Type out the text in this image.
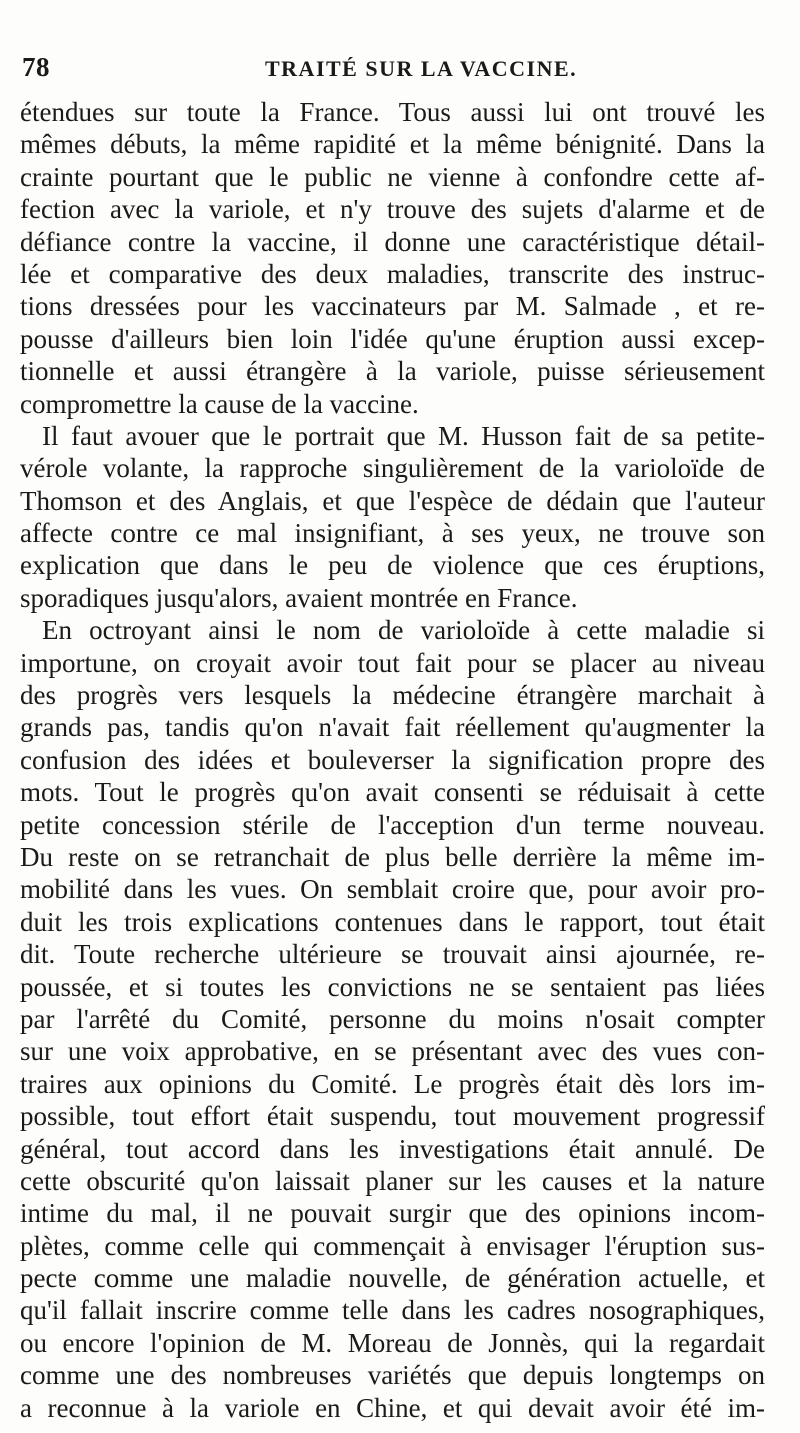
78	TRAITÉ SUR LA VACCINE.
étendues sur toute la France. Tous aussi lui ont trouvé les
mêmes débuts, la même rapidité et la même bénignité. Dans la
crainte pourtant que le public ne vienne à confondre cette af-
fection avec la variole, et n'y trouve des sujets d'alarme et de
défiance contre la vaccine, il donne une caractéristique détail-
lée et comparative des deux maladies, transcrite des instruc-
tions dressées pour les vaccinateurs par M. Salmade , et re-
pousse d'ailleurs bien loin l'idée qu'une éruption aussi excep-
tionnelle et aussi étrangère à la variole, puisse sérieusement
compromettre la cause de la vaccine.
Il faut avouer que le portrait que M. Husson fait de sa petite-
vérole volante, la rapproche singulièrement de la varioloïde de
Thomson et des Anglais, et que l'espèce de dédain que l'auteur
affecte contre ce mal insignifiant, à ses yeux, ne trouve son
explication que dans le peu de violence que ces éruptions,
sporadiques jusqu'alors, avaient montrée en France.
En octroyant ainsi le nom de varioloïde à cette maladie si
importune, on croyait avoir tout fait pour se placer au niveau
des progrès vers lesquels la médecine étrangère marchait à
grands pas, tandis qu'on n'avait fait réellement qu'augmenter la
confusion des idées et bouleverser la signification propre des
mots. Tout le progrès qu'on avait consenti se réduisait à cette
petite concession stérile de l'acception d'un terme nouveau.
Du reste on se retranchait de plus belle derrière la même im-
mobilité dans les vues. On semblait croire que, pour avoir pro-
duit les trois explications contenues dans le rapport, tout était
dit. Toute recherche ultérieure se trouvait ainsi ajournée, re-
poussée, et si toutes les convictions ne se sentaient pas liées
par l'arrêté du Comité, personne du moins n'osait compter
sur une voix approbative, en se présentant avec des vues con-
traires aux opinions du Comité. Le progrès était dès lors im-
possible, tout effort était suspendu, tout mouvement progressif
général, tout accord dans les investigations était annulé. De
cette obscurité qu'on laissait planer sur les causes et la nature
intime du mal, il ne pouvait surgir que des opinions incom-
plètes, comme celle qui commençait à envisager l'éruption sus-
pecte comme une maladie nouvelle, de génération actuelle, et
qu'il fallait inscrire comme telle dans les cadres nosographiques,
ou encore l'opinion de M. Moreau de Jonnès, qui la regardait
comme une des nombreuses variétés que depuis longtemps on
a reconnue à la variole en Chine, et qui devait avoir été im-
